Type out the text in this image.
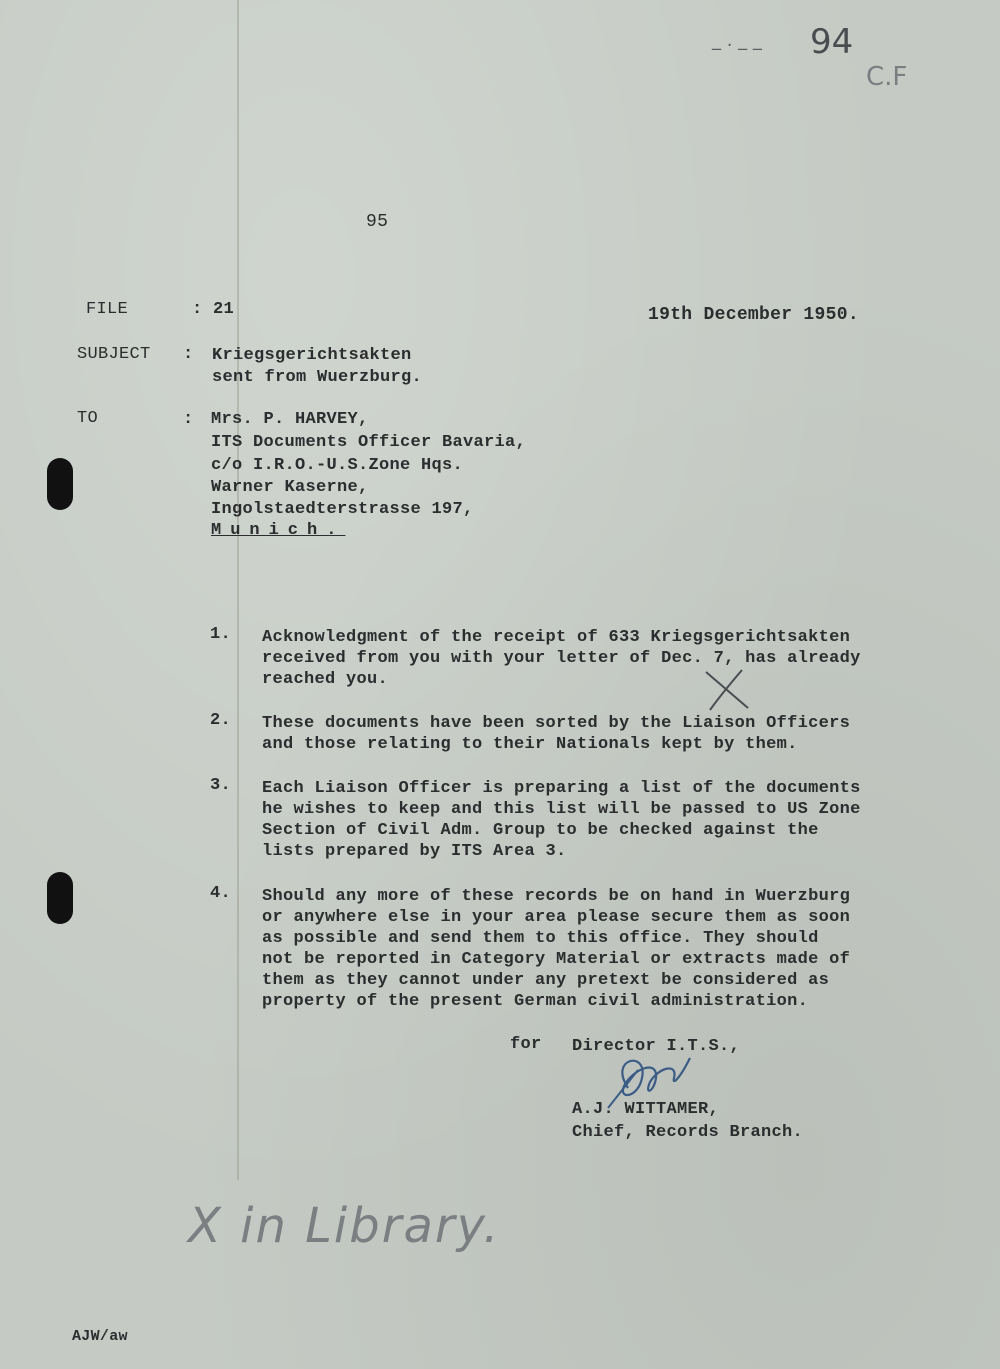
_ . _ _ 94
C.F
95
FILE	: 21	19th December 1950.
SUBJECT : Kriegsgerichtsakten
sent from Wuerzburg.
TO	: Mrs. P. HARVEY,
ITS Documents Officer Bavaria,
c/o I.R.O.-U.S.Zone Hqs.
Warner Kaserne,
Ingolstaedterstrasse 197,
Munich.
1. Acknowledgment of the receipt of 633 Kriegsgerichtsakten
received from you with your letter of Dec. 7, has already
reached you.
2. These documents have been sorted by the Liaison Officers
and those relating to their Nationals kept by them.
3. Each Liaison Officer is preparing a list of the documents
he wishes to keep and this list will be passed to US Zone
Section of Civil Adm. Group to be checked against the
lists prepared by ITS Area 3.
4. Should any more of these records be on hand in Wuerzburg
or anywhere else in your area please secure them as soon
as possible and send them to this office. They should
not be reported in Category Material or extracts made of
them as they cannot under any pretext be considered as
property of the present German civil administration.
for Director I.T.S.,
A.J. WITTAMER,
Chief, Records Branch.
X in Library.
AJW/aw
